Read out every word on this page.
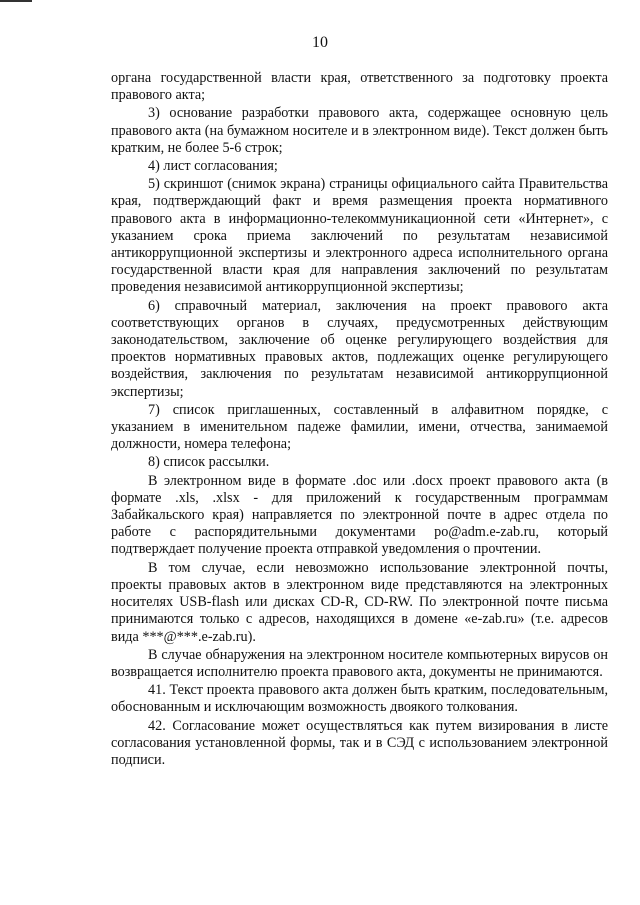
10

органа государственной власти края, ответственного за подготовку проекта правового акта;

3) основание разработки правового акта, содержащее основную цель правового акта (на бумажном носителе и в электронном виде). Текст должен быть кратким, не более 5-6 строк;

4) лист согласования;

5) скриншот (снимок экрана) страницы официального сайта Правительства края, подтверждающий факт и время размещения проекта нормативного правового акта в информационно-телекоммуникационной сети «Интернет», с указанием срока приема заключений по результатам независимой антикоррупционной экспертизы и электронного адреса исполнительного органа государственной власти края для направления заключений по результатам проведения независимой антикоррупционной экспертизы;

6) справочный материал, заключения на проект правового акта соответствующих органов в случаях, предусмотренных действующим законодательством, заключение об оценке регулирующего воздействия для проектов нормативных правовых актов, подлежащих оценке регулирующего воздействия, заключения по результатам независимой антикоррупционной экспертизы;

7) список приглашенных, составленный в алфавитном порядке, с указанием в именительном падеже фамилии, имени, отчества, занимаемой должности, номера телефона;

8) список рассылки.

В электронном виде в формате .doc или .docx проект правового акта (в формате .xls, .xlsx - для приложений к государственным программам Забайкальского края) направляется по электронной почте в адрес отдела по работе с распорядительными документами po@adm.e-zab.ru, который подтверждает получение проекта отправкой уведомления о прочтении.

В том случае, если невозможно использование электронной почты, проекты правовых актов в электронном виде представляются на электронных носителях USB-flash или дисках CD-R, CD-RW. По электронной почте письма принимаются только с адресов, находящихся в домене «e-zab.ru» (т.е. адресов вида ***@***.e-zab.ru).

В случае обнаружения на электронном носителе компьютерных вирусов он возвращается исполнителю проекта правового акта, документы не принимаются.

41. Текст проекта правового акта должен быть кратким, последовательным, обоснованным и исключающим возможность двоякого толкования.

42. Согласование может осуществляться как путем визирования в листе согласования установленной формы, так и в СЭД с использованием электронной подписи.
